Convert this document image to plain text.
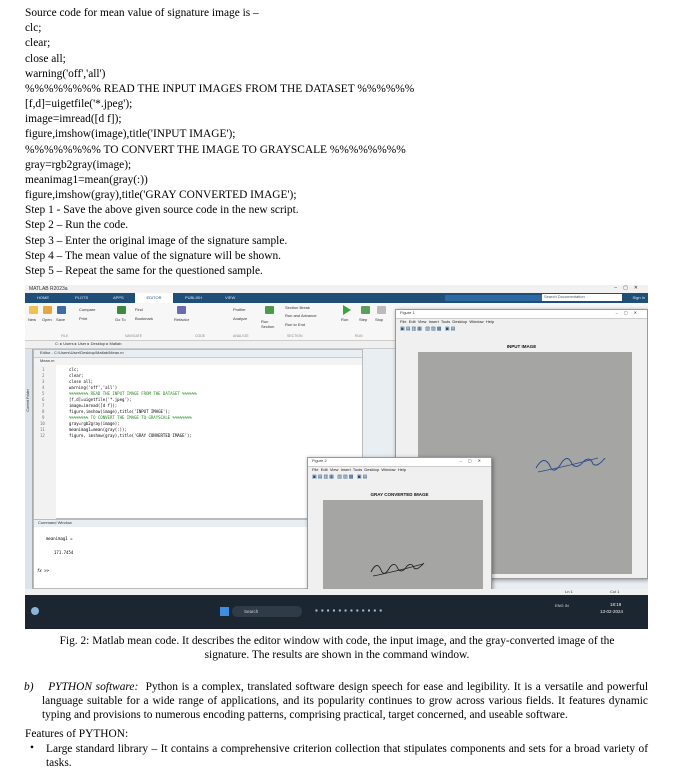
Source code for mean value of signature image is –
clc;
clear;
close all;
warning('off','all')
%%%%%%%% READ THE INPUT IMAGES FROM THE DATASET %%%%%%
[f,d]=uigetfile('*.jpeg');
image=imread([d f]);
figure,imshow(image),title('INPUT IMAGE');
%%%%%%%% TO CONVERT THE IMAGE TO GRAYSCALE %%%%%%%%
gray=rgb2gray(image);
meanimag1=mean(gray(:))
figure,imshow(gray),title('GRAY CONVERTED IMAGE');
Step 1 - Save the above given source code in the new script.
Step 2 – Run the code.
Step 3 – Enter the original image of the signature sample.
Step 4 – The mean value of the signature will be shown.
Step 5 – Repeat the same for the questioned sample.
MATLAB R2023a	–▢✕
HOME	PLOTS	APPS	EDITOR	PUBLISH	VIEW	Search Documentation	Sign In
New Open Save
Compare
Print	Go To
Find
Bookmark	Refactor
Profiler
Analyze
Run Section
Section Break
Run and Advance
Run to End
Run	Step Stop
FILE	NAVIGATE	CODE	ANALYZE	SECTION	RUN
C: ▸ Users ▸ User ▸ Desktop ▸ Matlab
Current Folder
Editor - C:\Users\User\Desktop\Matlab\Mean.m
Mean.m
1
2
3
4
5
6
7
8
9
10
11
12
clc;
clear;
close all;
warning('off','all')
%%%%%%%% READ THE INPUT IMAGE FROM THE DATASET %%%%%%
[f,d]=uigetfile('*.jpeg');
image=imread([d f]);
figure,imshow(image),title('INPUT IMAGE');
%%%%%%%% TO CONVERT THE IMAGE TO GRAYSCALE %%%%%%%%
gray=rgb2gray(image);
meanimag1=mean(gray(:));
figure, imshow(gray),title('GRAY CONVERTED IMAGE');
Command Window
meanimag1 =
171.7454
fx >>
Figure 1	–▢✕
File Edit View Insert Tools Desktop Window Help
▣▤▥▦ ▧▨▩ ▣▤
INPUT IMAGE
Figure 2	–▢✕
File Edit View Insert Tools Desktop Window Help
▣▤▥▦ ▧▨▩ ▣▤
GRAY CONVERTED IMAGE
Ln 1	Col 1
Search	▪▪▪▪▪▪▪▪▪▪▪▪
ENG IN	18:19
13-02-2024
Fig. 2: Matlab mean code. It describes the editor window with code, the input image, and the gray-converted image of the signature. The results are shown in the command window.
b) PYTHON software: Python is a complex, translated software design speech for ease and legibility. It is a versatile and powerful language suitable for a wide range of applications, and its popularity continues to grow across various fields. It features dynamic typing and provisions to numerous encoding patterns, comprising practical, target concerned, and useable software.
Features of PYTHON:
• Large standard library – It contains a comprehensive criterion collection that stipulates components and sets for a broad variety of tasks.
